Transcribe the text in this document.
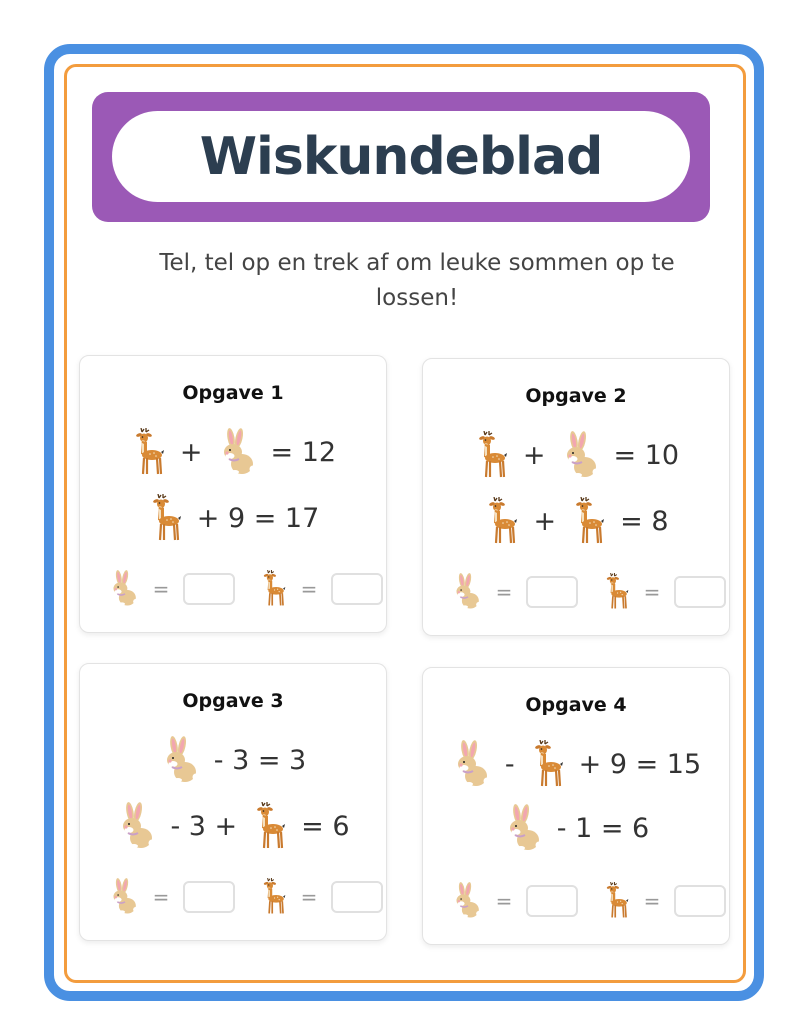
Wiskundeblad
Tel, tel op en trek af om leuke sommen op te lossen!
Opgave 1
+	= 12
+ 9 = 17
=	=
Opgave 2
+	= 10
+ = 8
=	=
Opgave 3
- 3 = 3
- 3 + = 6
=	=
Opgave 4
- + 9 = 15
- 1 = 6
=	=
